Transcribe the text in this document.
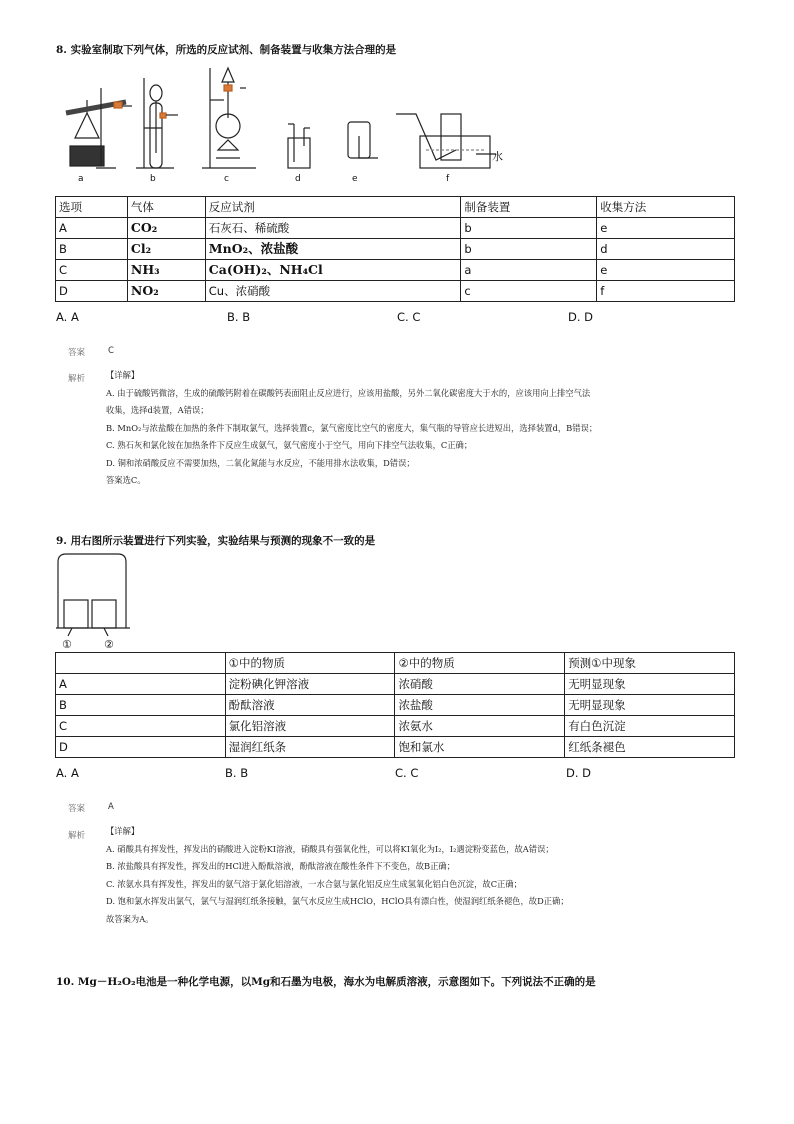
8. 实验室制取下列气体，所选的反应试剂、制备装置与收集方法合理的是
a	b	c	d	e	f
水
选项	气体	反应试剂	制备装置	收集方法
A	CO₂	石灰石、稀硫酸	b	e
B	Cl₂	MnO₂、浓盐酸	b	d
C	NH₃	Ca(OH)₂、NH₄Cl	a	e
D	NO₂	Cu、浓硝酸	c	f
A. A	B. B	C. C	D. D
答案	C
解析	【详解】
A. 由于硫酸钙微溶，生成的硫酸钙附着在碳酸钙表面阻止反应进行，应该用盐酸，另外二氧化碳密度大于水的，应该用向上排空气法
收集，选择d装置，A错误；
B. MnO₂与浓盐酸在加热的条件下制取氯气，选择装置c，氯气密度比空气的密度大，集气瓶的导管应长进短出，选择装置d，B错误；
C. 熟石灰和氯化铵在加热条件下反应生成氨气，氨气密度小于空气，用向下排空气法收集，C正确；
D. 铜和浓硝酸反应不需要加热，二氧化氮能与水反应，不能用排水法收集，D错误；
答案选C。
9. 用右图所示装置进行下列实验，实验结果与预测的现象不一致的是
①	②
	①中的物质	②中的物质	预测①中现象
A	淀粉碘化钾溶液	浓硝酸	无明显现象
B	酚酞溶液	浓盐酸	无明显现象
C	氯化铝溶液	浓氨水	有白色沉淀
D	湿润红纸条	饱和氯水	红纸条褪色
A. A	B. B	C. C	D. D
答案	A
解析	【详解】
A. 硝酸具有挥发性，挥发出的硝酸进入淀粉KI溶液，硝酸具有强氧化性，可以将KI氧化为I₂，I₂遇淀粉变蓝色，故A错误；
B. 浓盐酸具有挥发性，挥发出的HCl进入酚酞溶液，酚酞溶液在酸性条件下不变色，故B正确；
C. 浓氨水具有挥发性，挥发出的氨气溶于氯化铝溶液，一水合氨与氯化铝反应生成氢氧化铝白色沉淀，故C正确；
D. 饱和氯水挥发出氯气，氯气与湿润红纸条接触，氯气水反应生成HClO，HClO具有漂白性，使湿润红纸条褪色，故D正确；
故答案为A。
10. Mg－H₂O₂电池是一种化学电源，以Mg和石墨为电极，海水为电解质溶液，示意图如下。下列说法不正确的是
